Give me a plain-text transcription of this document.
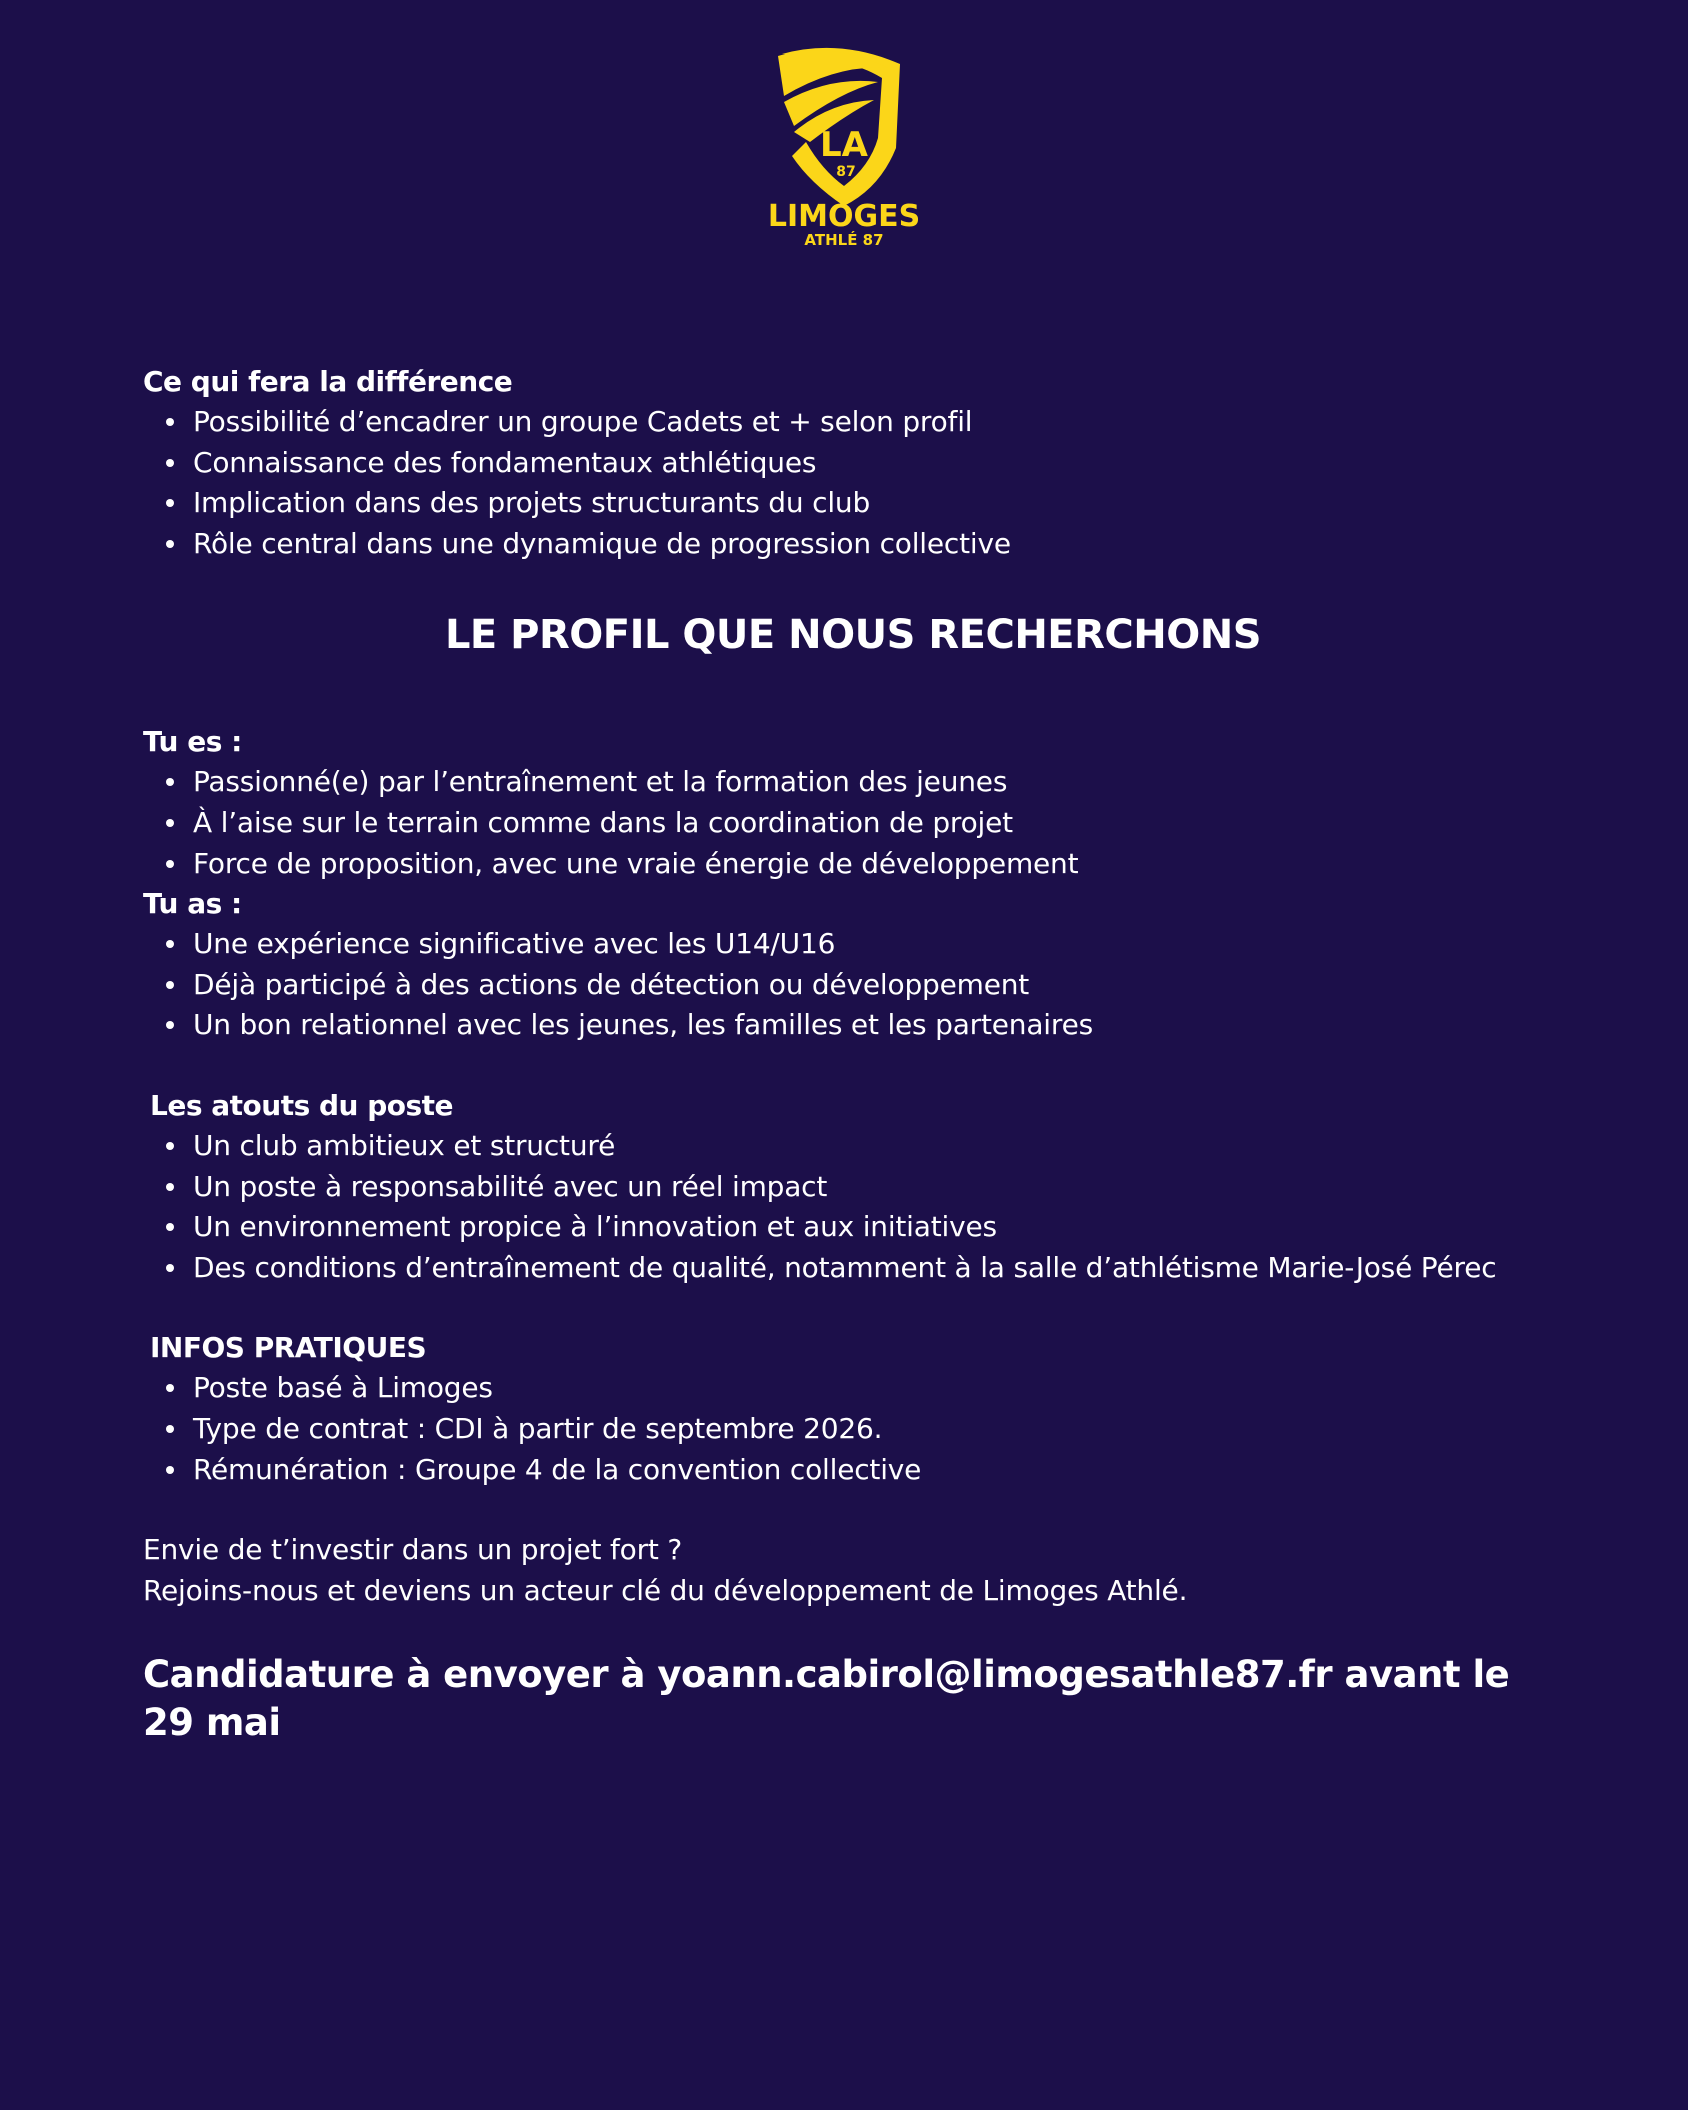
LA
87
LIMOGES
ATHLÉ 87

Ce qui fera la différence

Possibilité d’encadrer un groupe Cadets et + selon profil
Connaissance des fondamentaux athlétiques
Implication dans des projets structurants du club
Rôle central dans une dynamique de progression collective
LE PROFIL QUE NOUS RECHERCHONS

Tu es :

Passionné(e) par l’entraînement et la formation des jeunes
À l’aise sur le terrain comme dans la coordination de projet
Force de proposition, avec une vraie énergie de développement

Tu as :

Une expérience significative avec les U14/U16
Déjà participé à des actions de détection ou développement
Un bon relationnel avec les jeunes, les familles et les partenaires

Les atouts du poste

Un club ambitieux et structuré
Un poste à responsabilité avec un réel impact
Un environnement propice à l’innovation et aux initiatives
Des conditions d’entraînement de qualité, notamment à la salle d’athlétisme Marie-José Pérec

INFOS PRATIQUES

Poste basé à Limoges
Type de contrat : CDI à partir de septembre 2026.
Rémunération : Groupe 4 de la convention collective

Envie de t’investir dans un projet fort ?

Rejoins-nous et deviens un acteur clé du développement de Limoges Athlé.

Candidature à envoyer à yoann.cabirol@limogesathle87.fr avant le 29 mai
